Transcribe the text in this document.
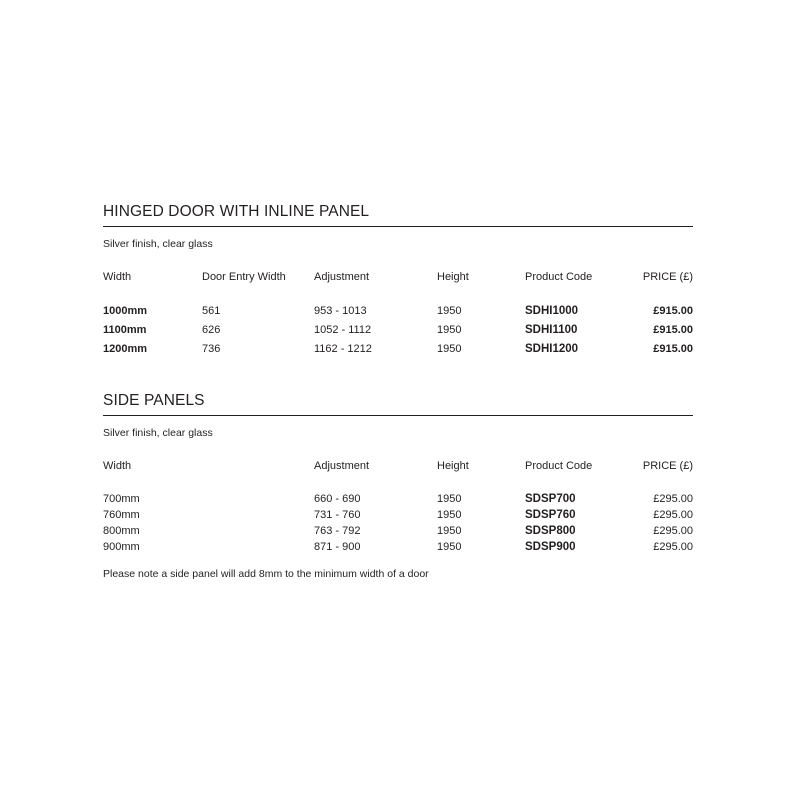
HINGED DOOR WITH INLINE PANEL
Silver finish, clear glass
Width	Door Entry Width	Adjustment	Height	Product Code	PRICE (£)
1000mm	561	953 - 1013	1950	SDHI1000	£915.00
1100mm	626	1052 - 1112	1950	SDHI1100	£915.00
1200mm	736	1162 - 1212	1950	SDHI1200	£915.00
SIDE PANELS
Silver finish, clear glass
Width	Adjustment	Height	Product Code	PRICE (£)
700mm	660 - 690	1950	SDSP700	£295.00
760mm	731 - 760	1950	SDSP760	£295.00
800mm	763 - 792	1950	SDSP800	£295.00
900mm	871 - 900	1950	SDSP900	£295.00
Please note a side panel will add 8mm to the minimum width of a door
